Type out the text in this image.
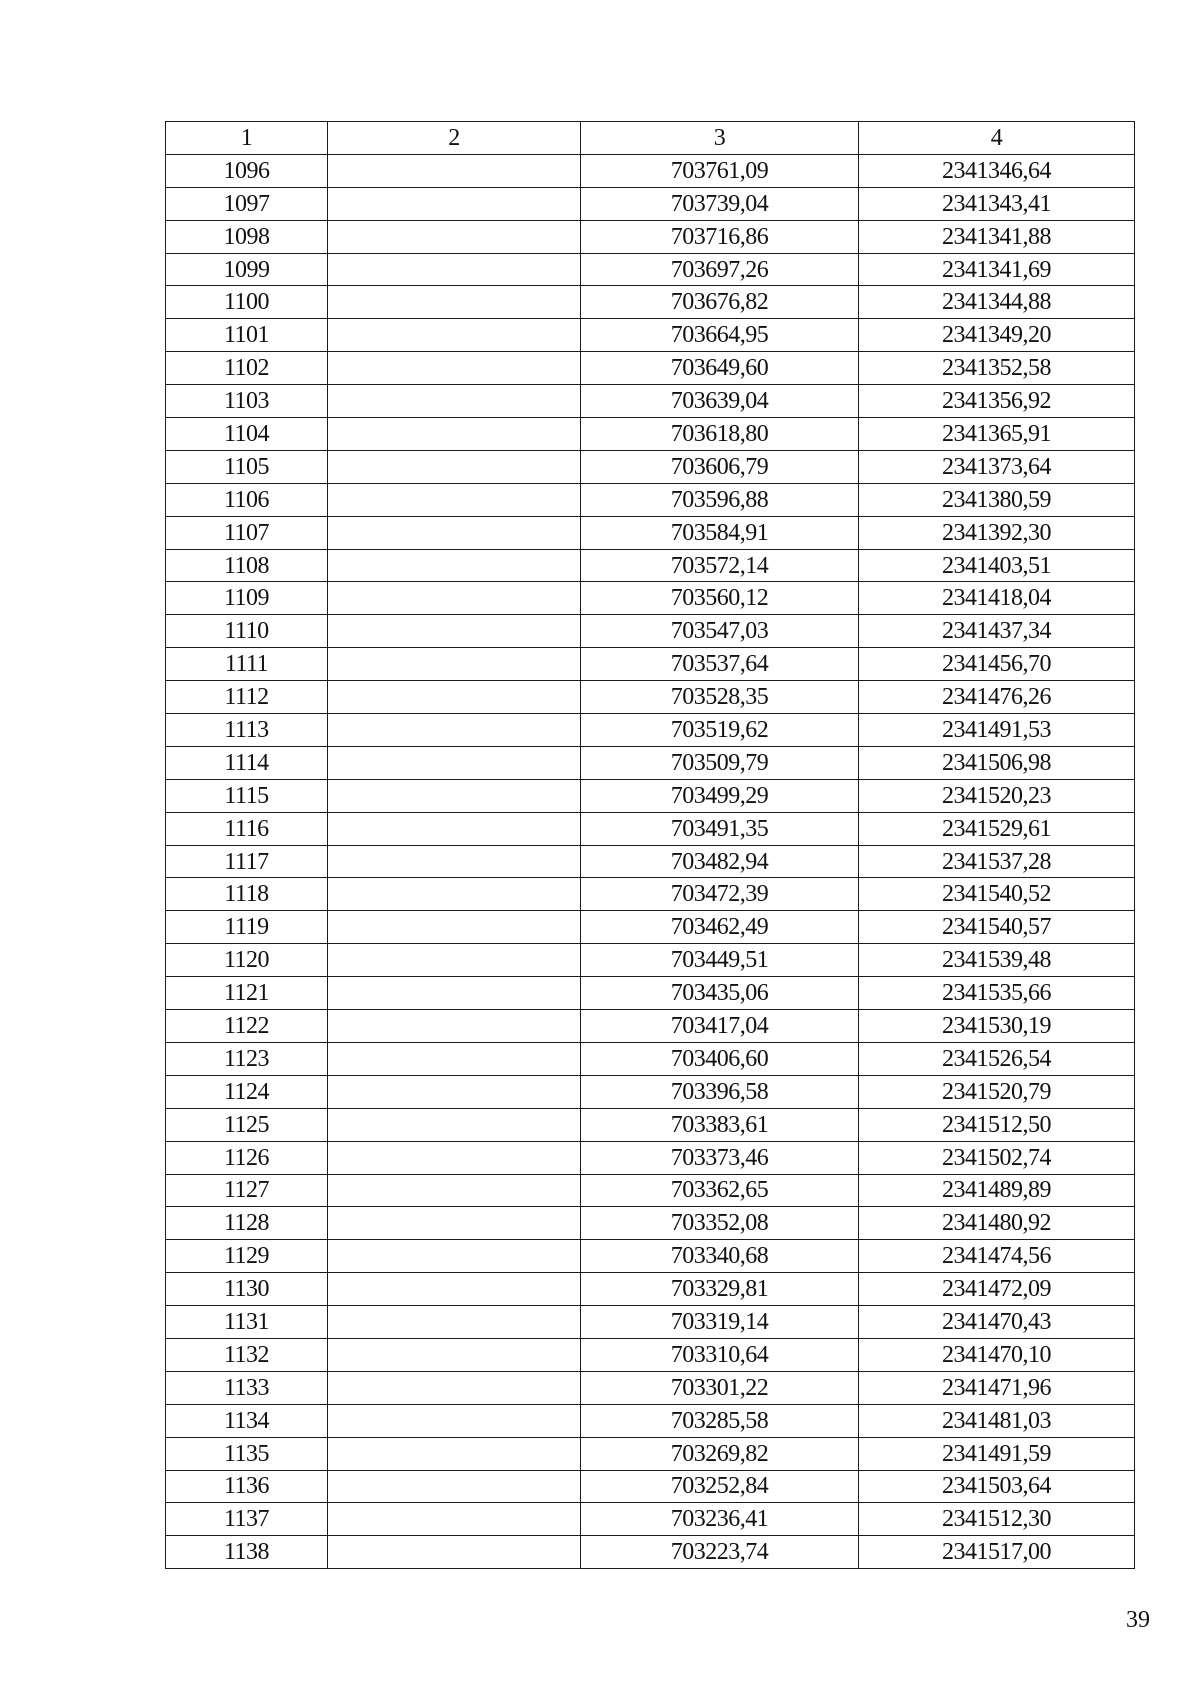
1	2	3	4
1096		703761,09	2341346,64
1097		703739,04	2341343,41
1098		703716,86	2341341,88
1099		703697,26	2341341,69
1100		703676,82	2341344,88
1101		703664,95	2341349,20
1102		703649,60	2341352,58
1103		703639,04	2341356,92
1104		703618,80	2341365,91
1105		703606,79	2341373,64
1106		703596,88	2341380,59
1107		703584,91	2341392,30
1108		703572,14	2341403,51
1109		703560,12	2341418,04
1110		703547,03	2341437,34
1111		703537,64	2341456,70
1112		703528,35	2341476,26
1113		703519,62	2341491,53
1114		703509,79	2341506,98
1115		703499,29	2341520,23
1116		703491,35	2341529,61
1117		703482,94	2341537,28
1118		703472,39	2341540,52
1119		703462,49	2341540,57
1120		703449,51	2341539,48
1121		703435,06	2341535,66
1122		703417,04	2341530,19
1123		703406,60	2341526,54
1124		703396,58	2341520,79
1125		703383,61	2341512,50
1126		703373,46	2341502,74
1127		703362,65	2341489,89
1128		703352,08	2341480,92
1129		703340,68	2341474,56
1130		703329,81	2341472,09
1131		703319,14	2341470,43
1132		703310,64	2341470,10
1133		703301,22	2341471,96
1134		703285,58	2341481,03
1135		703269,82	2341491,59
1136		703252,84	2341503,64
1137		703236,41	2341512,30
1138		703223,74	2341517,00
39
